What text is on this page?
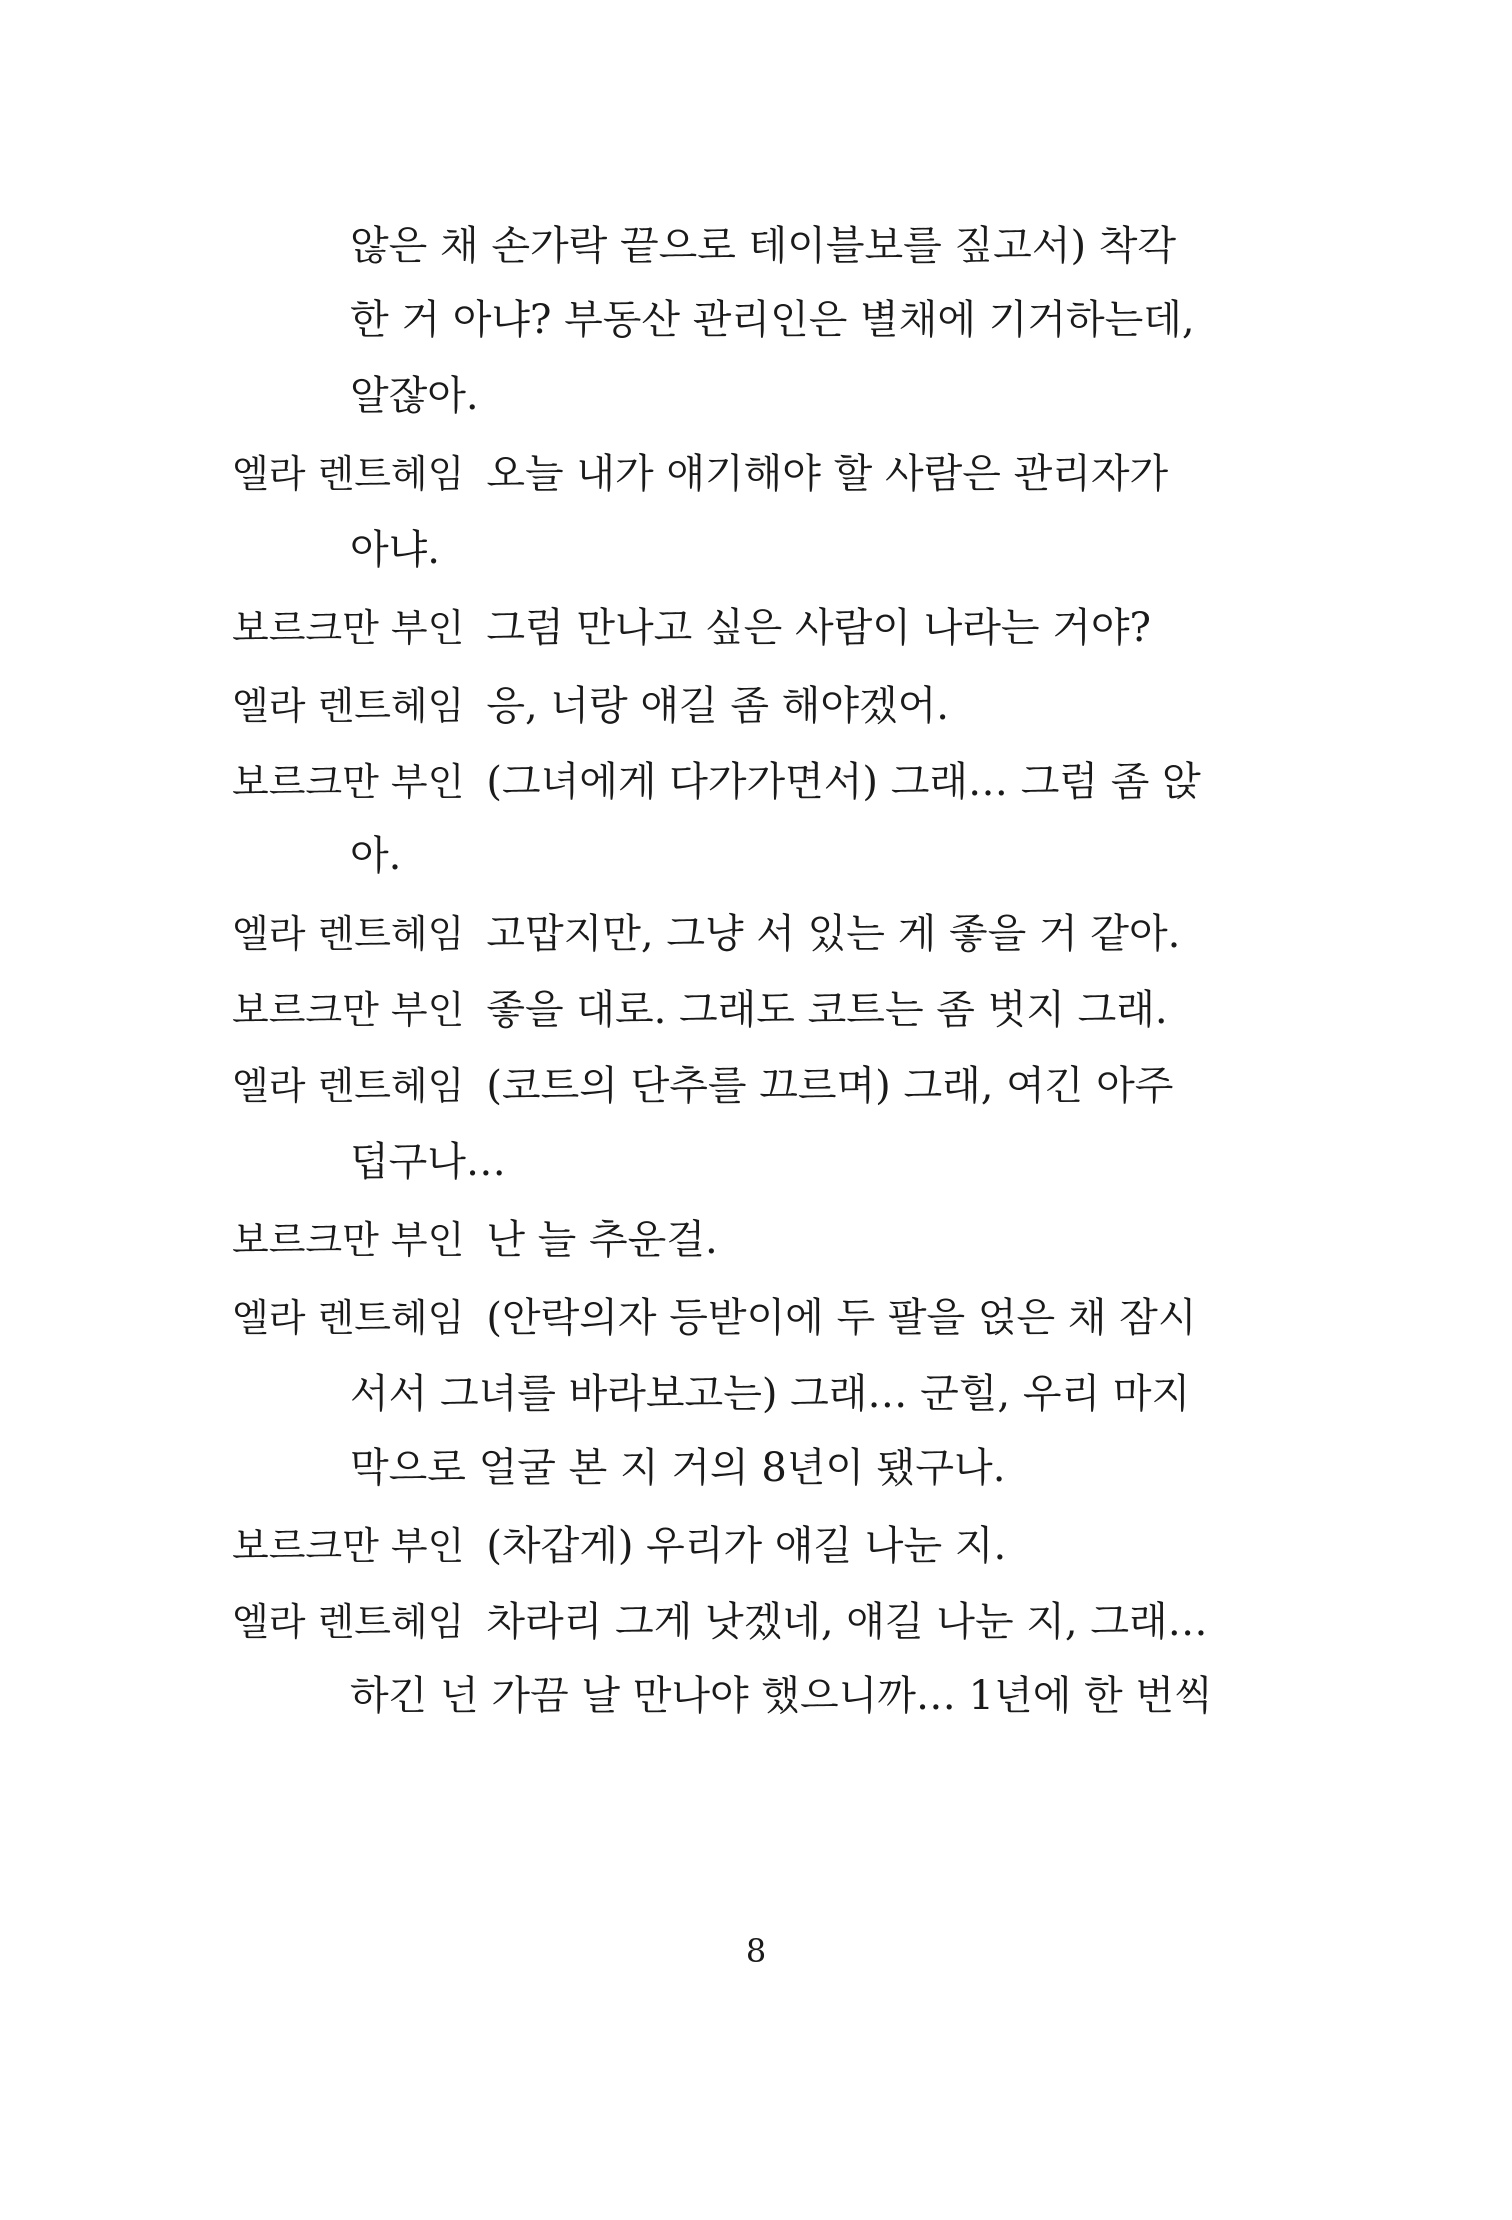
않은 채 손가락 끝으로 테이블보를 짚고서) 착각
한 거 아냐? 부동산 관리인은 별채에 기거하는데,
알잖아.
엘라 렌트헤임 오늘 내가 얘기해야 할 사람은 관리자가
아냐.
보르크만 부인 그럼 만나고 싶은 사람이 나라는 거야?
엘라 렌트헤임 응, 너랑 얘길 좀 해야겠어.
보르크만 부인 (그녀에게 다가가면서) 그래… 그럼 좀 앉
아.
엘라 렌트헤임 고맙지만, 그냥 서 있는 게 좋을 거 같아.
보르크만 부인 좋을 대로. 그래도 코트는 좀 벗지 그래.
엘라 렌트헤임 (코트의 단추를 끄르며) 그래, 여긴 아주
덥구나…
보르크만 부인 난 늘 추운걸.
엘라 렌트헤임 (안락의자 등받이에 두 팔을 얹은 채 잠시
서서 그녀를 바라보고는) 그래… 군힐, 우리 마지
막으로 얼굴 본 지 거의 8년이 됐구나.
보르크만 부인 (차갑게) 우리가 얘길 나눈 지.
엘라 렌트헤임 차라리 그게 낫겠네, 얘길 나눈 지, 그래…
하긴 넌 가끔 날 만나야 했으니까… 1년에 한 번씩
8
